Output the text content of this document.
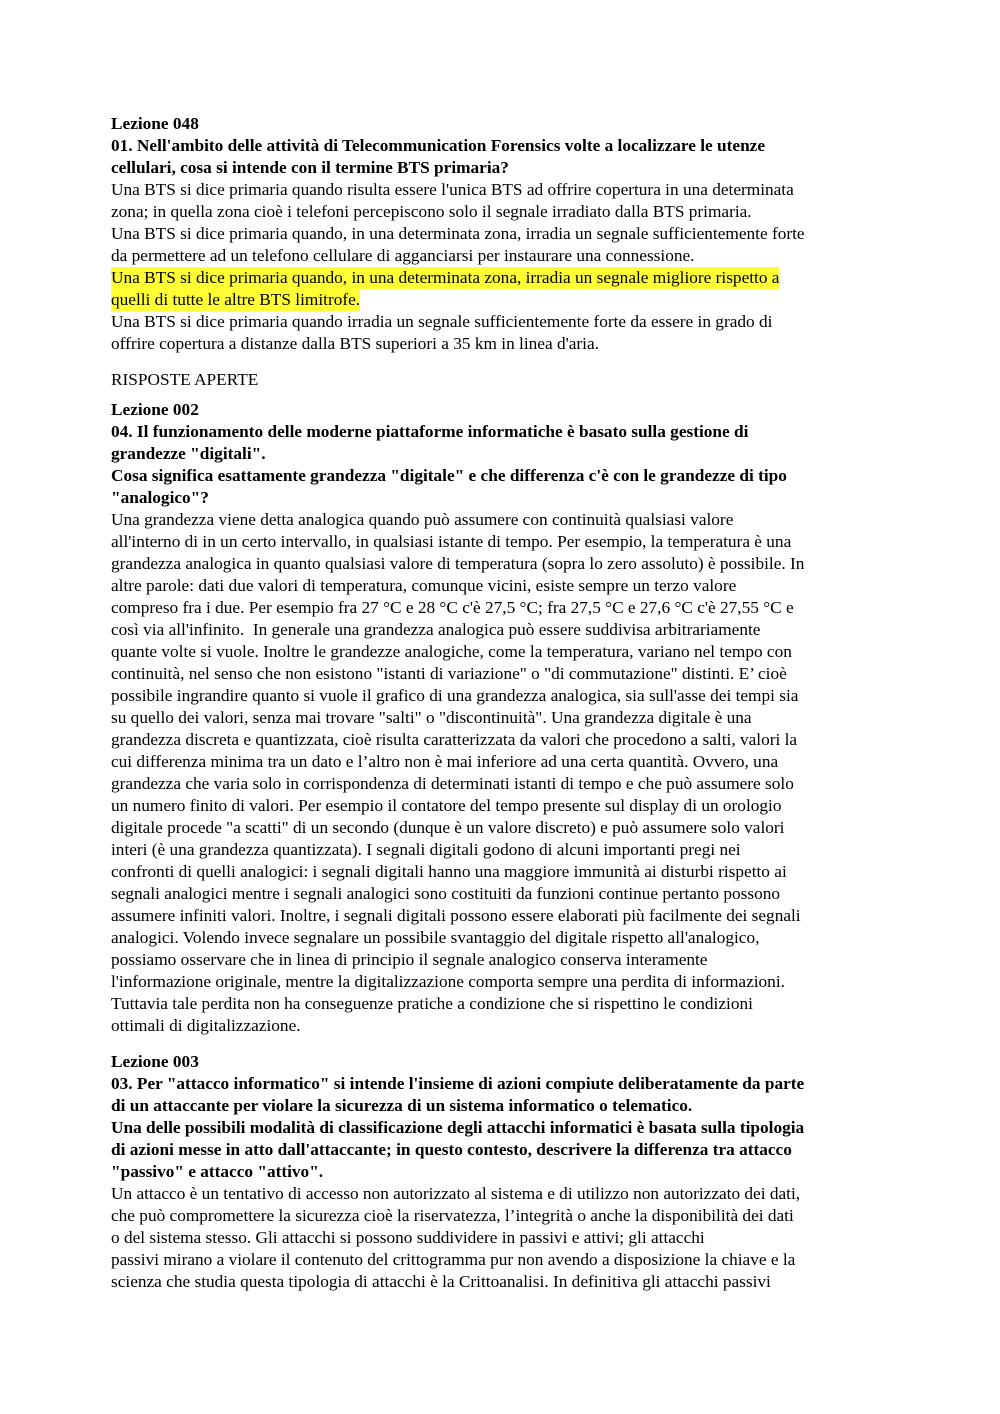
Lezione 048
01. Nell'ambito delle attività di Telecommunication Forensics volte a localizzare le utenze
cellulari, cosa si intende con il termine BTS primaria?
Una BTS si dice primaria quando risulta essere l'unica BTS ad offrire copertura in una determinata
zona; in quella zona cioè i telefoni percepiscono solo il segnale irradiato dalla BTS primaria.
Una BTS si dice primaria quando, in una determinata zona, irradia un segnale sufficientemente forte
da permettere ad un telefono cellulare di agganciarsi per instaurare una connessione.
Una BTS si dice primaria quando, in una determinata zona, irradia un segnale migliore rispetto a
quelli di tutte le altre BTS limitrofe.
Una BTS si dice primaria quando irradia un segnale sufficientemente forte da essere in grado di
offrire copertura a distanze dalla BTS superiori a 35 km in linea d'aria.
RISPOSTE APERTE
Lezione 002
04. Il funzionamento delle moderne piattaforme informatiche è basato sulla gestione di
grandezze "digitali".
Cosa significa esattamente grandezza "digitale" e che differenza c'è con le grandezze di tipo
"analogico"?
Una grandezza viene detta analogica quando può assumere con continuità qualsiasi valore
all'interno di in un certo intervallo, in qualsiasi istante di tempo. Per esempio, la temperatura è una
grandezza analogica in quanto qualsiasi valore di temperatura (sopra lo zero assoluto) è possibile. In
altre parole: dati due valori di temperatura, comunque vicini, esiste sempre un terzo valore
compreso fra i due. Per esempio fra 27 °C e 28 °C c'è 27,5 °C; fra 27,5 °C e 27,6 °C c'è 27,55 °C e
così via all'infinito.  In generale una grandezza analogica può essere suddivisa arbitrariamente
quante volte si vuole. Inoltre le grandezze analogiche, come la temperatura, variano nel tempo con
continuità, nel senso che non esistono "istanti di variazione" o "di commutazione" distinti. E’ cioè
possibile ingrandire quanto si vuole il grafico di una grandezza analogica, sia sull'asse dei tempi sia
su quello dei valori, senza mai trovare "salti" o "discontinuità". Una grandezza digitale è una
grandezza discreta e quantizzata, cioè risulta caratterizzata da valori che procedono a salti, valori la
cui differenza minima tra un dato e l’altro non è mai inferiore ad una certa quantità. Ovvero, una
grandezza che varia solo in corrispondenza di determinati istanti di tempo e che può assumere solo
un numero finito di valori. Per esempio il contatore del tempo presente sul display di un orologio
digitale procede "a scatti" di un secondo (dunque è un valore discreto) e può assumere solo valori
interi (è una grandezza quantizzata). I segnali digitali godono di alcuni importanti pregi nei
confronti di quelli analogici: i segnali digitali hanno una maggiore immunità ai disturbi rispetto ai
segnali analogici mentre i segnali analogici sono costituiti da funzioni continue pertanto possono
assumere infiniti valori. Inoltre, i segnali digitali possono essere elaborati più facilmente dei segnali
analogici. Volendo invece segnalare un possibile svantaggio del digitale rispetto all'analogico,
possiamo osservare che in linea di principio il segnale analogico conserva interamente
l'informazione originale, mentre la digitalizzazione comporta sempre una perdita di informazioni.
Tuttavia tale perdita non ha conseguenze pratiche a condizione che si rispettino le condizioni
ottimali di digitalizzazione.
Lezione 003
03. Per "attacco informatico" si intende l'insieme di azioni compiute deliberatamente da parte
di un attaccante per violare la sicurezza di un sistema informatico o telematico.
Una delle possibili modalità di classificazione degli attacchi informatici è basata sulla tipologia
di azioni messe in atto dall'attaccante; in questo contesto, descrivere la differenza tra attacco
"passivo" e attacco "attivo".
Un attacco è un tentativo di accesso non autorizzato al sistema e di utilizzo non autorizzato dei dati,
che può compromettere la sicurezza cioè la riservatezza, l’integrità o anche la disponibilità dei dati
o del sistema stesso. Gli attacchi si possono suddividere in passivi e attivi; gli attacchi
passivi mirano a violare il contenuto del crittogramma pur non avendo a disposizione la chiave e la
scienza che studia questa tipologia di attacchi è la Crittoanalisi. In definitiva gli attacchi passivi
